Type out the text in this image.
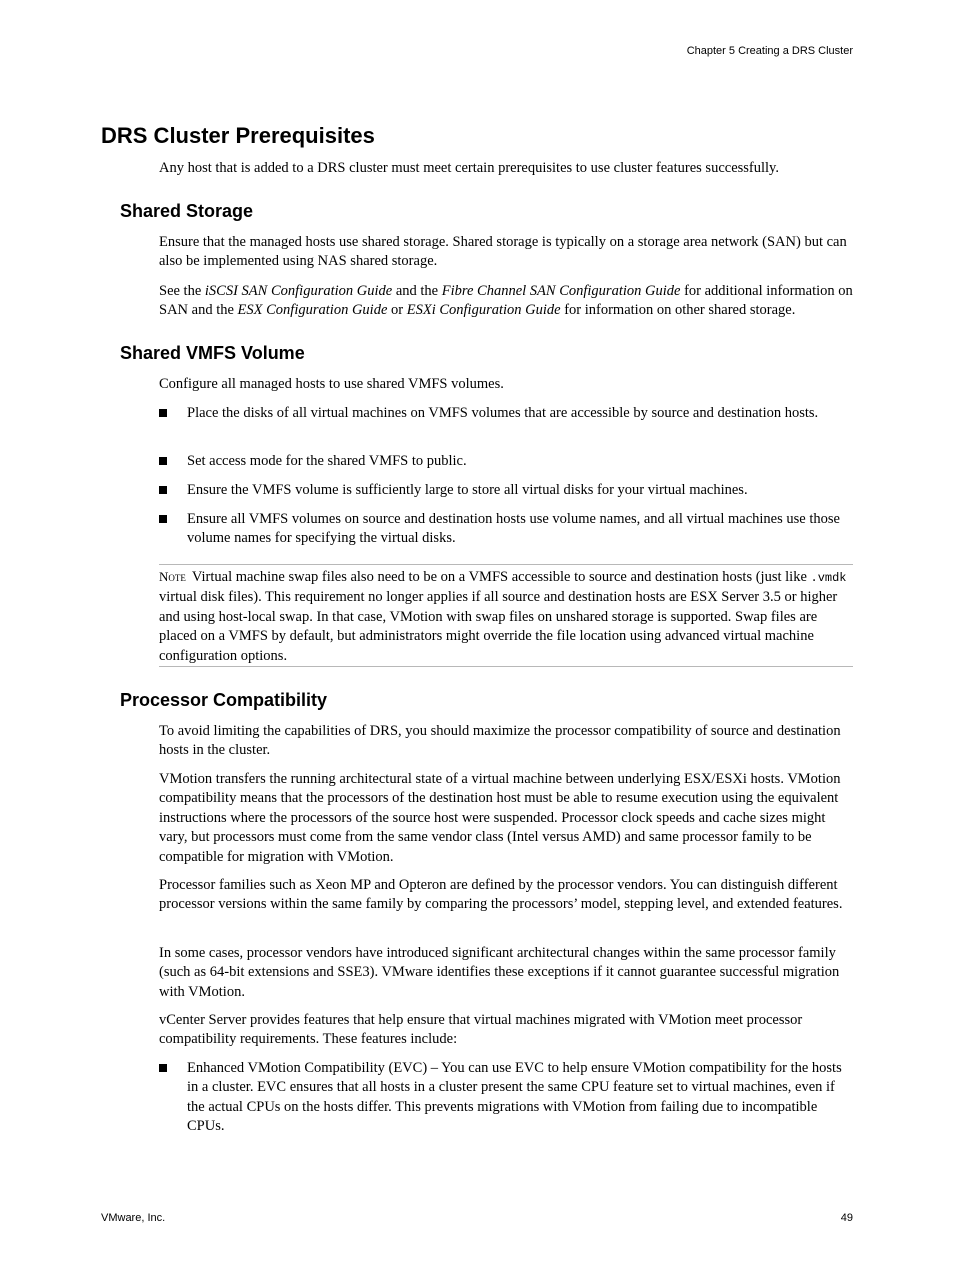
Chapter 5 Creating a DRS Cluster
DRS Cluster Prerequisites

Any host that is added to a DRS cluster must meet certain prerequisites to use cluster features successfully.

Shared Storage

Ensure that the managed hosts use shared storage. Shared storage is typically on a storage area network (SAN) but can also be implemented using NAS shared storage.

See the iSCSI SAN Configuration Guide and the Fibre Channel SAN Configuration Guide for additional information on SAN and the ESX Configuration Guide or ESXi Configuration Guide for information on other shared storage.

Shared VMFS Volume

Configure all managed hosts to use shared VMFS volumes.

Place the disks of all virtual machines on VMFS volumes that are accessible by source and destination hosts.
Set access mode for the shared VMFS to public.
Ensure the VMFS volume is sufficiently large to store all virtual disks for your virtual machines.
Ensure all VMFS volumes on source and destination hosts use volume names, and all virtual machines use those volume names for specifying the virtual disks.

Note Virtual machine swap files also need to be on a VMFS accessible to source and destination hosts (just like .vmdk virtual disk files). This requirement no longer applies if all source and destination hosts are ESX Server 3.5 or higher and using host-local swap. In that case, VMotion with swap files on unshared storage is supported. Swap files are placed on a VMFS by default, but administrators might override the file location using advanced virtual machine configuration options.

Processor Compatibility

To avoid limiting the capabilities of DRS, you should maximize the processor compatibility of source and destination hosts in the cluster.

VMotion transfers the running architectural state of a virtual machine between underlying ESX/ESXi hosts. VMotion compatibility means that the processors of the destination host must be able to resume execution using the equivalent instructions where the processors of the source host were suspended. Processor clock speeds and cache sizes might vary, but processors must come from the same vendor class (Intel versus AMD) and same processor family to be compatible for migration with VMotion.

Processor families such as Xeon MP and Opteron are defined by the processor vendors. You can distinguish different processor versions within the same family by comparing the processors’ model, stepping level, and extended features.

In some cases, processor vendors have introduced significant architectural changes within the same processor family (such as 64-bit extensions and SSE3). VMware identifies these exceptions if it cannot guarantee successful migration with VMotion.

vCenter Server provides features that help ensure that virtual machines migrated with VMotion meet processor compatibility requirements. These features include:

Enhanced VMotion Compatibility (EVC) – You can use EVC to help ensure VMotion compatibility for the hosts in a cluster. EVC ensures that all hosts in a cluster present the same CPU feature set to virtual machines, even if the actual CPUs on the hosts differ. This prevents migrations with VMotion from failing due to incompatible CPUs.
VMware, Inc.	49
